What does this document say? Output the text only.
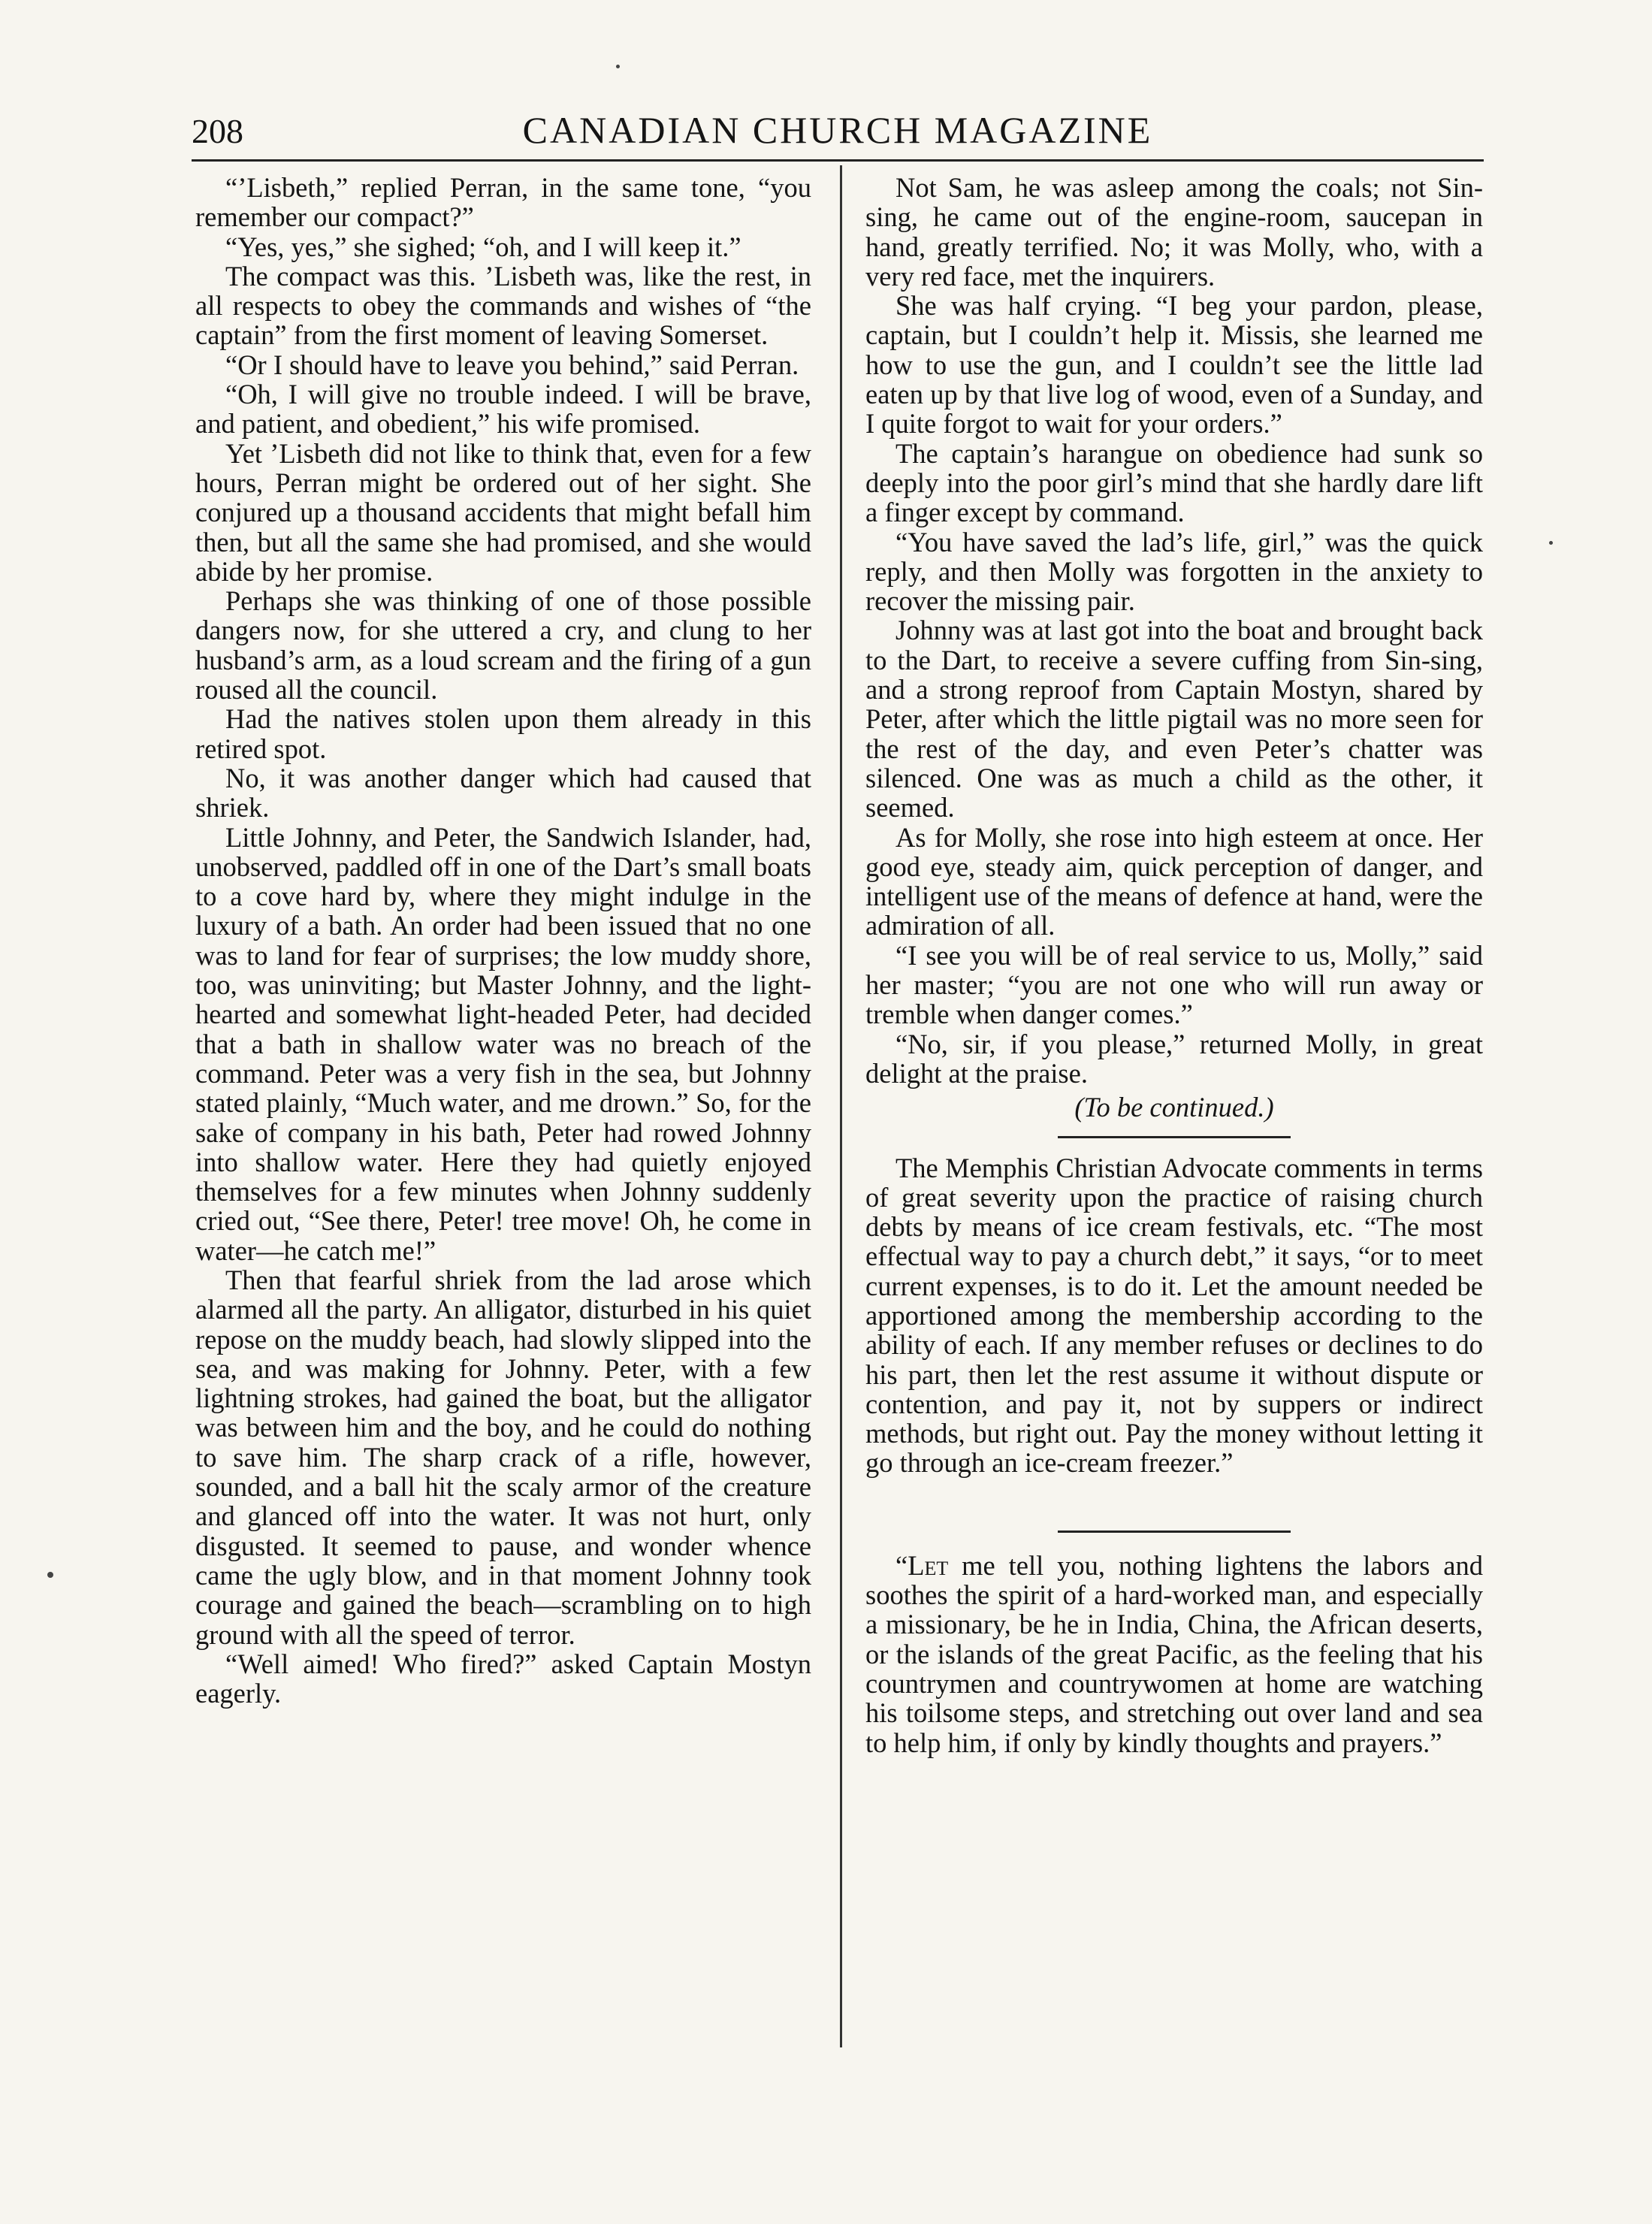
208	CANADIAN CHURCH MAGAZINE

“’Lisbeth,” replied Perran, in the same tone, “you remember our compact?”

“Yes, yes,” she sighed; “oh, and I will keep it.”

The compact was this. ’Lisbeth was, like the rest, in all respects to obey the commands and wishes of “the captain” from the first moment of leaving Somerset.

“Or I should have to leave you behind,” said Perran.

“Oh, I will give no trouble indeed. I will be brave, and patient, and obedient,” his wife promised.

Yet ’Lisbeth did not like to think that, even for a few hours, Perran might be ordered out of her sight. She conjured up a thousand accidents that might befall him then, but all the same she had promised, and she would abide by her promise.

Perhaps she was thinking of one of those possible dangers now, for she uttered a cry, and clung to her husband’s arm, as a loud scream and the firing of a gun roused all the council.

Had the natives stolen upon them already in this retired spot.

No, it was another danger which had caused that shriek.

Little Johnny, and Peter, the Sandwich Islander, had, unobserved, paddled off in one of the Dart’s small boats to a cove hard by, where they might indulge in the luxury of a bath. An order had been issued that no one was to land for fear of surprises; the low muddy shore, too, was uninviting; but Master Johnny, and the light-hearted and somewhat light-headed Peter, had decided that a bath in shallow water was no breach of the command. Peter was a very fish in the sea, but Johnny stated plainly, “Much water, and me drown.” So, for the sake of company in his bath, Peter had rowed Johnny into shallow water. Here they had quietly enjoyed themselves for a few minutes when Johnny suddenly cried out, “See there, Peter! tree move! Oh, he come in water—he catch me!”

Then that fearful shriek from the lad arose which alarmed all the party. An alligator, disturbed in his quiet repose on the muddy beach, had slowly slipped into the sea, and was making for Johnny. Peter, with a few lightning strokes, had gained the boat, but the alligator was between him and the boy, and he could do nothing to save him. The sharp crack of a rifle, however, sounded, and a ball hit the scaly armor of the creature and glanced off into the water. It was not hurt, only disgusted. It seemed to pause, and wonder whence came the ugly blow, and in that moment Johnny took courage and gained the beach—scrambling on to high ground with all the speed of terror.

“Well aimed! Who fired?” asked Captain Mostyn eagerly.

Not Sam, he was asleep among the coals; not Sin-sing, he came out of the engine-room, saucepan in hand, greatly terrified. No; it was Molly, who, with a very red face, met the inquirers.

She was half crying. “I beg your pardon, please, captain, but I couldn’t help it. Missis, she learned me how to use the gun, and I couldn’t see the little lad eaten up by that live log of wood, even of a Sunday, and I quite forgot to wait for your orders.”

The captain’s harangue on obedience had sunk so deeply into the poor girl’s mind that she hardly dare lift a finger except by command.

“You have saved the lad’s life, girl,” was the quick reply, and then Molly was forgotten in the anxiety to recover the missing pair.

Johnny was at last got into the boat and brought back to the Dart, to receive a severe cuffing from Sin-sing, and a strong reproof from Captain Mostyn, shared by Peter, after which the little pigtail was no more seen for the rest of the day, and even Peter’s chatter was silenced. One was as much a child as the other, it seemed.

As for Molly, she rose into high esteem at once. Her good eye, steady aim, quick perception of danger, and intelligent use of the means of defence at hand, were the admiration of all.

“I see you will be of real service to us, Molly,” said her master; “you are not one who will run away or tremble when danger comes.”

“No, sir, if you please,” returned Molly, in great delight at the praise.

(To be continued.)

The Memphis Christian Advocate comments in terms of great severity upon the practice of raising church debts by means of ice cream festivals, etc. “The most effectual way to pay a church debt,” it says, “or to meet current expenses, is to do it. Let the amount needed be apportioned among the membership according to the ability of each. If any member refuses or declines to do his part, then let the rest assume it without dispute or contention, and pay it, not by suppers or indirect methods, but right out. Pay the money without letting it go through an ice-cream freezer.”

“Let me tell you, nothing lightens the labors and soothes the spirit of a hard-worked man, and especially a missionary, be he in India, China, the African deserts, or the islands of the great Pacific, as the feeling that his countrymen and countrywomen at home are watching his toilsome steps, and stretching out over land and sea to help him, if only by kindly thoughts and prayers.”
